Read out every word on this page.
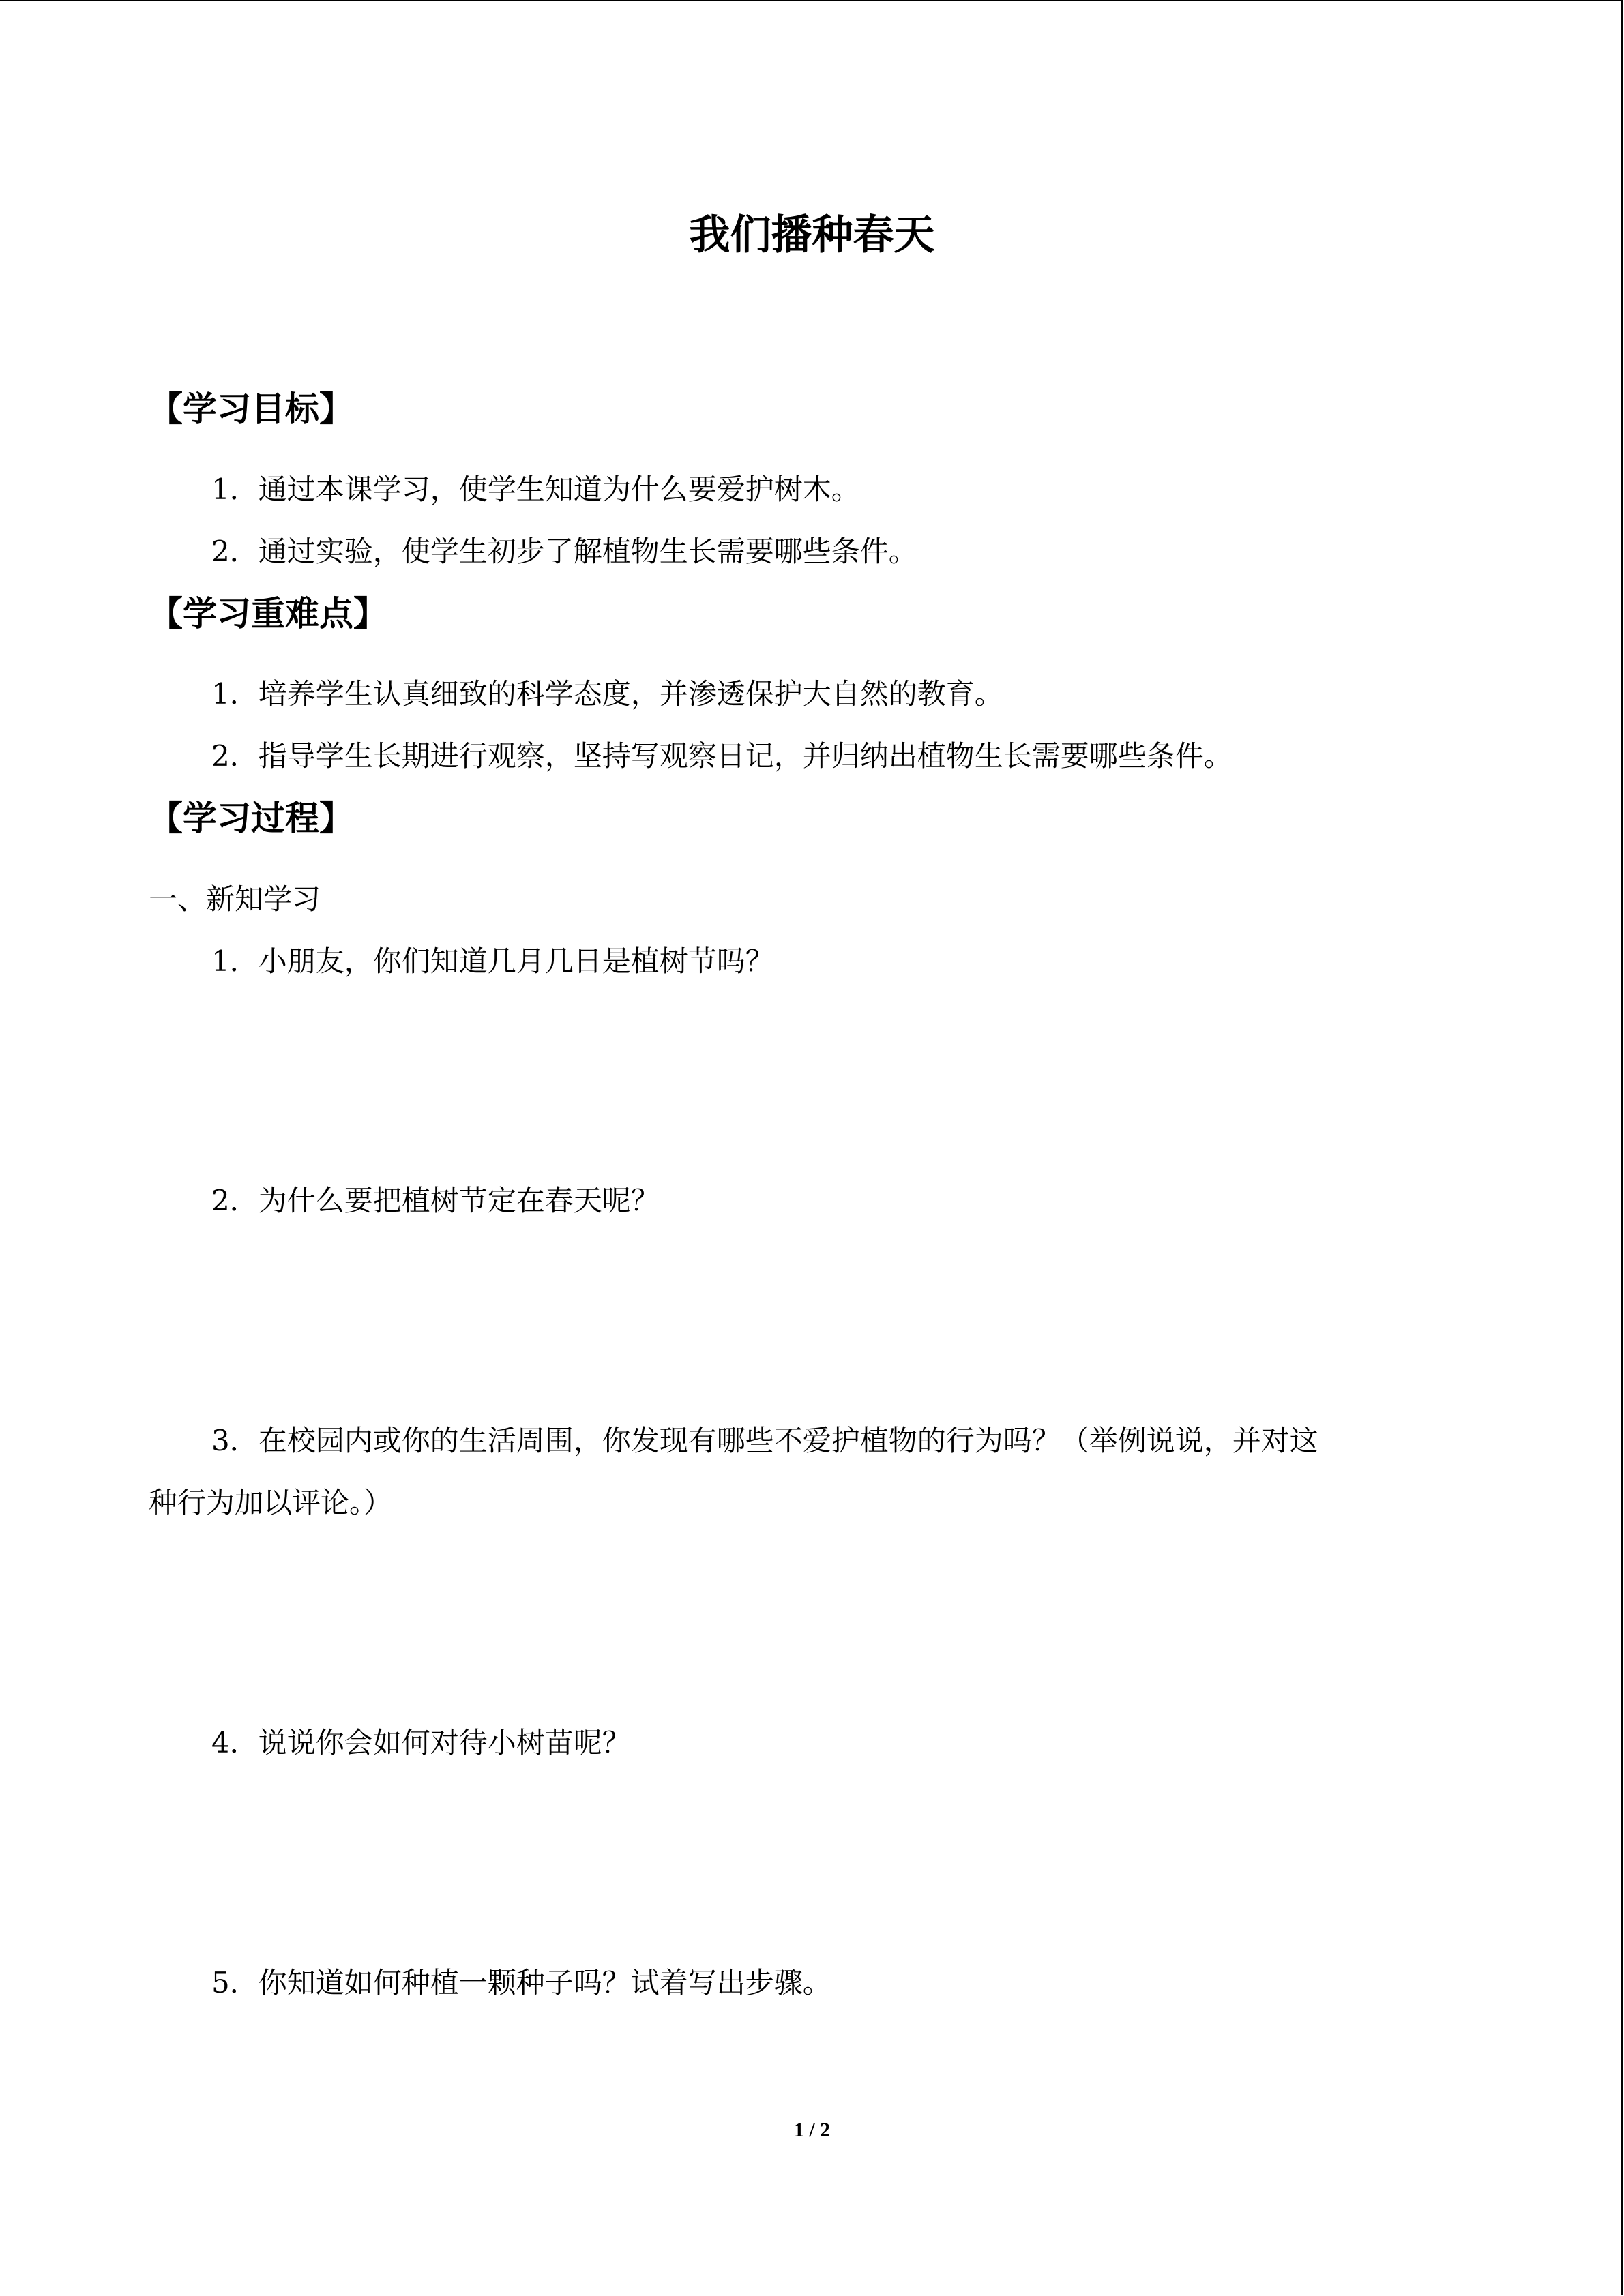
我们播种春天
【学习目标】
1．通过本课学习，使学生知道为什么要爱护树木。
2．通过实验，使学生初步了解植物生长需要哪些条件。
【学习重难点】
1．培养学生认真细致的科学态度，并渗透保护大自然的教育。
2．指导学生长期进行观察，坚持写观察日记，并归纳出植物生长需要哪些条件。
【学习过程】
一、新知学习
1．小朋友，你们知道几月几日是植树节吗？
2．为什么要把植树节定在春天呢？
3．在校园内或你的生活周围，你发现有哪些不爱护植物的行为吗？（举例说说，并对这
种行为加以评论。）
4．说说你会如何对待小树苗呢？
5．你知道如何种植一颗种子吗？试着写出步骤。
1 / 2
